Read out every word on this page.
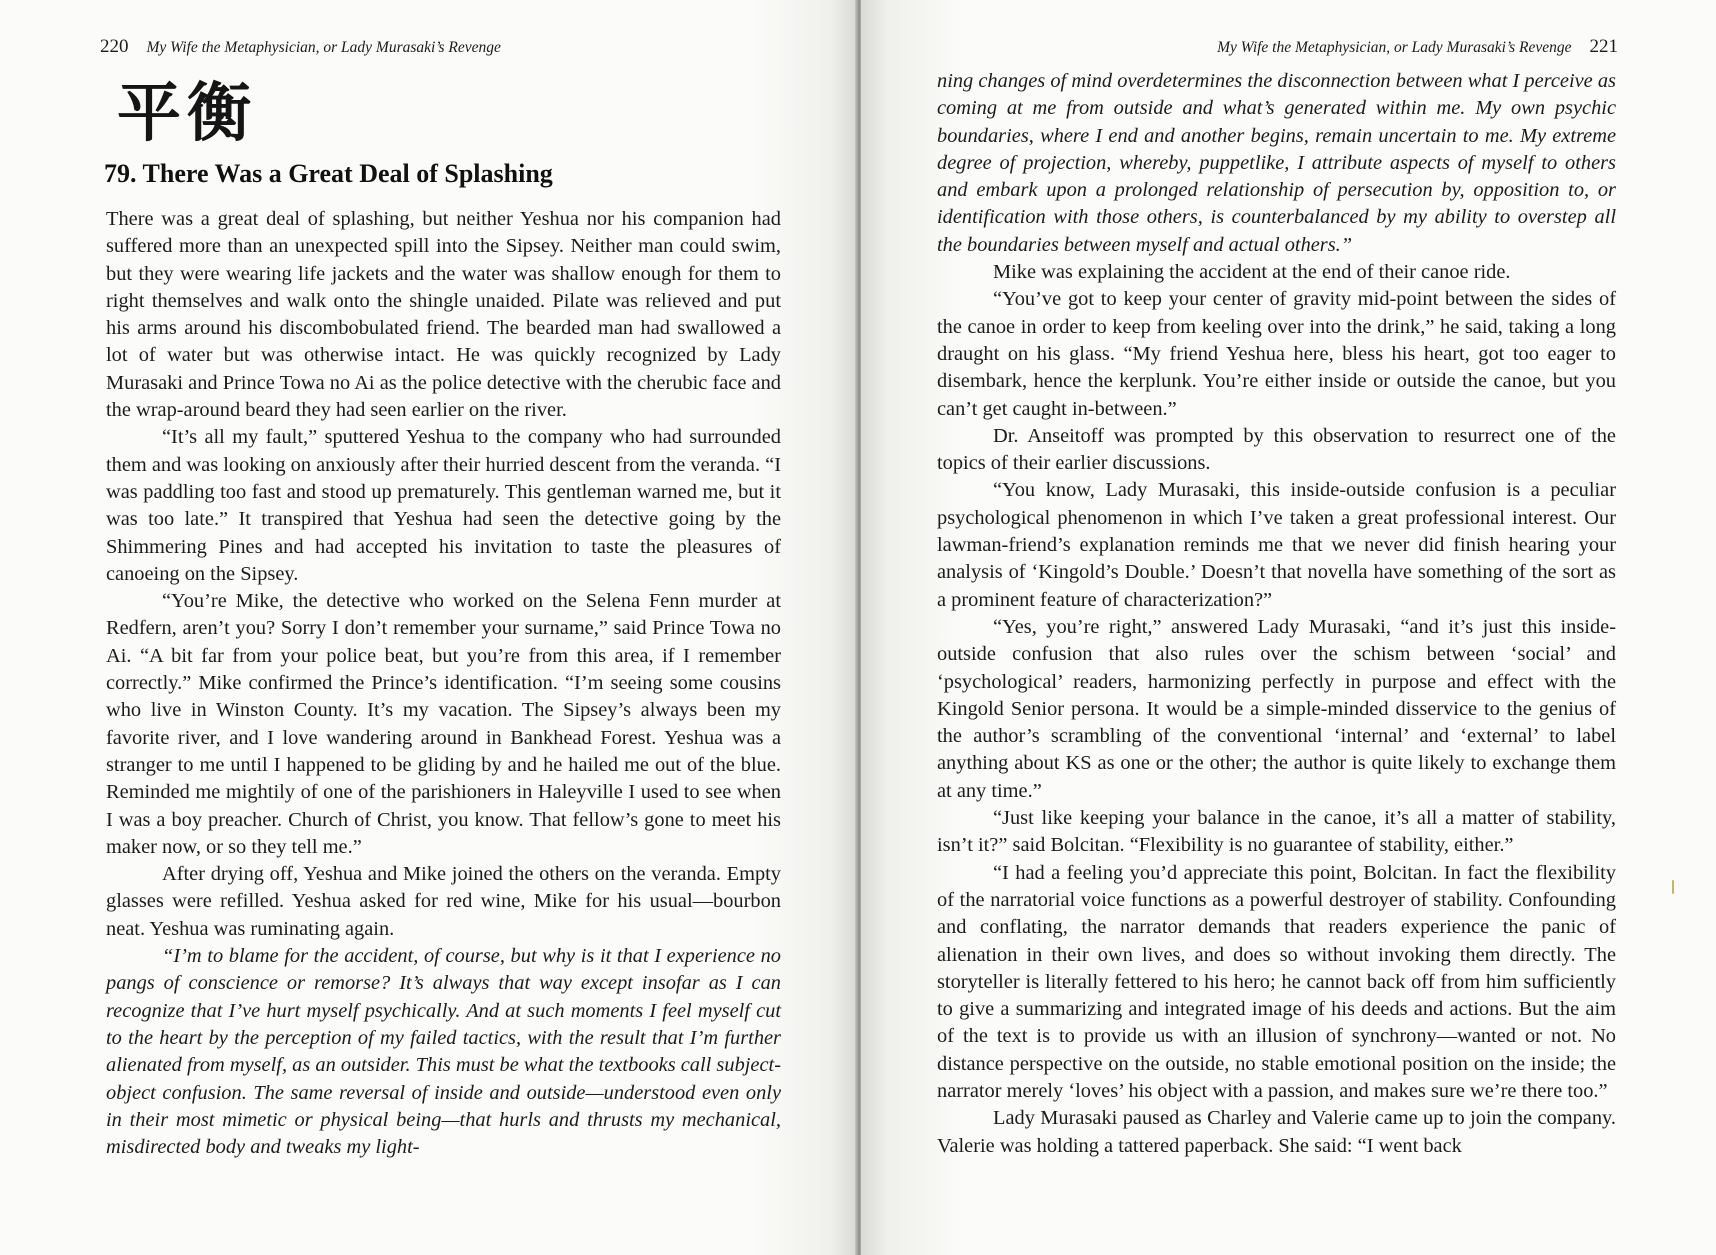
220 My Wife the Metaphysician, or Lady Murasaki’s Revenge
平衡
79. There Was a Great Deal of Splashing

There was a great deal of splashing, but neither Yeshua nor his companion had suffered more than an unexpected spill into the Sipsey. Neither man could swim, but they were wearing life jackets and the water was shallow enough for them to right themselves and walk onto the shingle unaided. Pilate was relieved and put his arms around his discombobulated friend. The bearded man had swallowed a lot of water but was otherwise intact. He was quickly recognized by Lady Murasaki and Prince Towa no Ai as the police detective with the cherubic face and the wrap-around beard they had seen earlier on the river.

“It’s all my fault,” sputtered Yeshua to the company who had surrounded them and was looking on anxiously after their hurried descent from the veranda. “I was paddling too fast and stood up prematurely. This gentleman warned me, but it was too late.” It transpired that Yeshua had seen the detective going by the Shimmering Pines and had accepted his invitation to taste the pleasures of canoeing on the Sipsey.

“You’re Mike, the detective who worked on the Selena Fenn murder at Redfern, aren’t you? Sorry I don’t remember your surname,” said Prince Towa no Ai. “A bit far from your police beat, but you’re from this area, if I remember correctly.” Mike confirmed the Prince’s identification. “I’m seeing some cousins who live in Winston County. It’s my vacation. The Sipsey’s always been my favorite river, and I love wandering around in Bankhead Forest. Yeshua was a stranger to me until I happened to be gliding by and he hailed me out of the blue. Reminded me mightily of one of the parishioners in Haleyville I used to see when I was a boy preacher. Church of Christ, you know. That fellow’s gone to meet his maker now, or so they tell me.”

After drying off, Yeshua and Mike joined the others on the veranda. Empty glasses were refilled. Yeshua asked for red wine, Mike for his usual—bourbon neat. Yeshua was ruminating again.

“I’m to blame for the accident, of course, but why is it that I experience no pangs of conscience or remorse? It’s always that way except insofar as I can recognize that I’ve hurt myself psychically. And at such moments I feel myself cut to the heart by the perception of my failed tactics, with the result that I’m further alienated from myself, as an outsider. This must be what the textbooks call subject-object confusion. The same reversal of inside and outside—understood even only in their most mimetic or physical being—that hurls and thrusts my mechanical, misdirected body and tweaks my light-

My Wife the Metaphysician, or Lady Murasaki’s Revenge 221

ning changes of mind overdetermines the disconnection between what I perceive as coming at me from outside and what’s generated within me. My own psychic boundaries, where I end and another begins, remain uncertain to me. My extreme degree of projection, whereby, puppetlike, I attribute aspects of myself to others and embark upon a prolonged relationship of persecution by, opposition to, or identification with those others, is counterbalanced by my ability to overstep all the boundaries between myself and actual others.”

Mike was explaining the accident at the end of their canoe ride.

“You’ve got to keep your center of gravity mid-point between the sides of the canoe in order to keep from keeling over into the drink,” he said, taking a long draught on his glass. “My friend Yeshua here, bless his heart, got too eager to disembark, hence the kerplunk. You’re either inside or outside the canoe, but you can’t get caught in-between.”

Dr. Anseitoff was prompted by this observation to resurrect one of the topics of their earlier discussions.

“You know, Lady Murasaki, this inside-outside confusion is a peculiar psychological phenomenon in which I’ve taken a great professional interest. Our lawman-friend’s explanation reminds me that we never did finish hearing your analysis of ‘Kingold’s Double.’ Doesn’t that novella have something of the sort as a prominent feature of characterization?”

“Yes, you’re right,” answered Lady Murasaki, “and it’s just this inside-outside confusion that also rules over the schism between ‘social’ and ‘psychological’ readers, harmonizing perfectly in purpose and effect with the Kingold Senior persona. It would be a simple-minded disservice to the genius of the author’s scrambling of the conventional ‘internal’ and ‘external’ to label anything about KS as one or the other; the author is quite likely to exchange them at any time.”

“Just like keeping your balance in the canoe, it’s all a matter of stability, isn’t it?” said Bolcitan. “Flexibility is no guarantee of stability, either.”

“I had a feeling you’d appreciate this point, Bolcitan. In fact the flexibility of the narratorial voice functions as a powerful destroyer of stability. Confounding and conflating, the narrator demands that readers experience the panic of alienation in their own lives, and does so without invoking them directly. The storyteller is literally fettered to his hero; he cannot back off from him sufficiently to give a summarizing and integrated image of his deeds and actions. But the aim of the text is to provide us with an illusion of synchrony—wanted or not. No distance perspective on the outside, no stable emotional position on the inside; the narrator merely ‘loves’ his object with a passion, and makes sure we’re there too.”

Lady Murasaki paused as Charley and Valerie came up to join the company. Valerie was holding a tattered paperback. She said: “I went back
